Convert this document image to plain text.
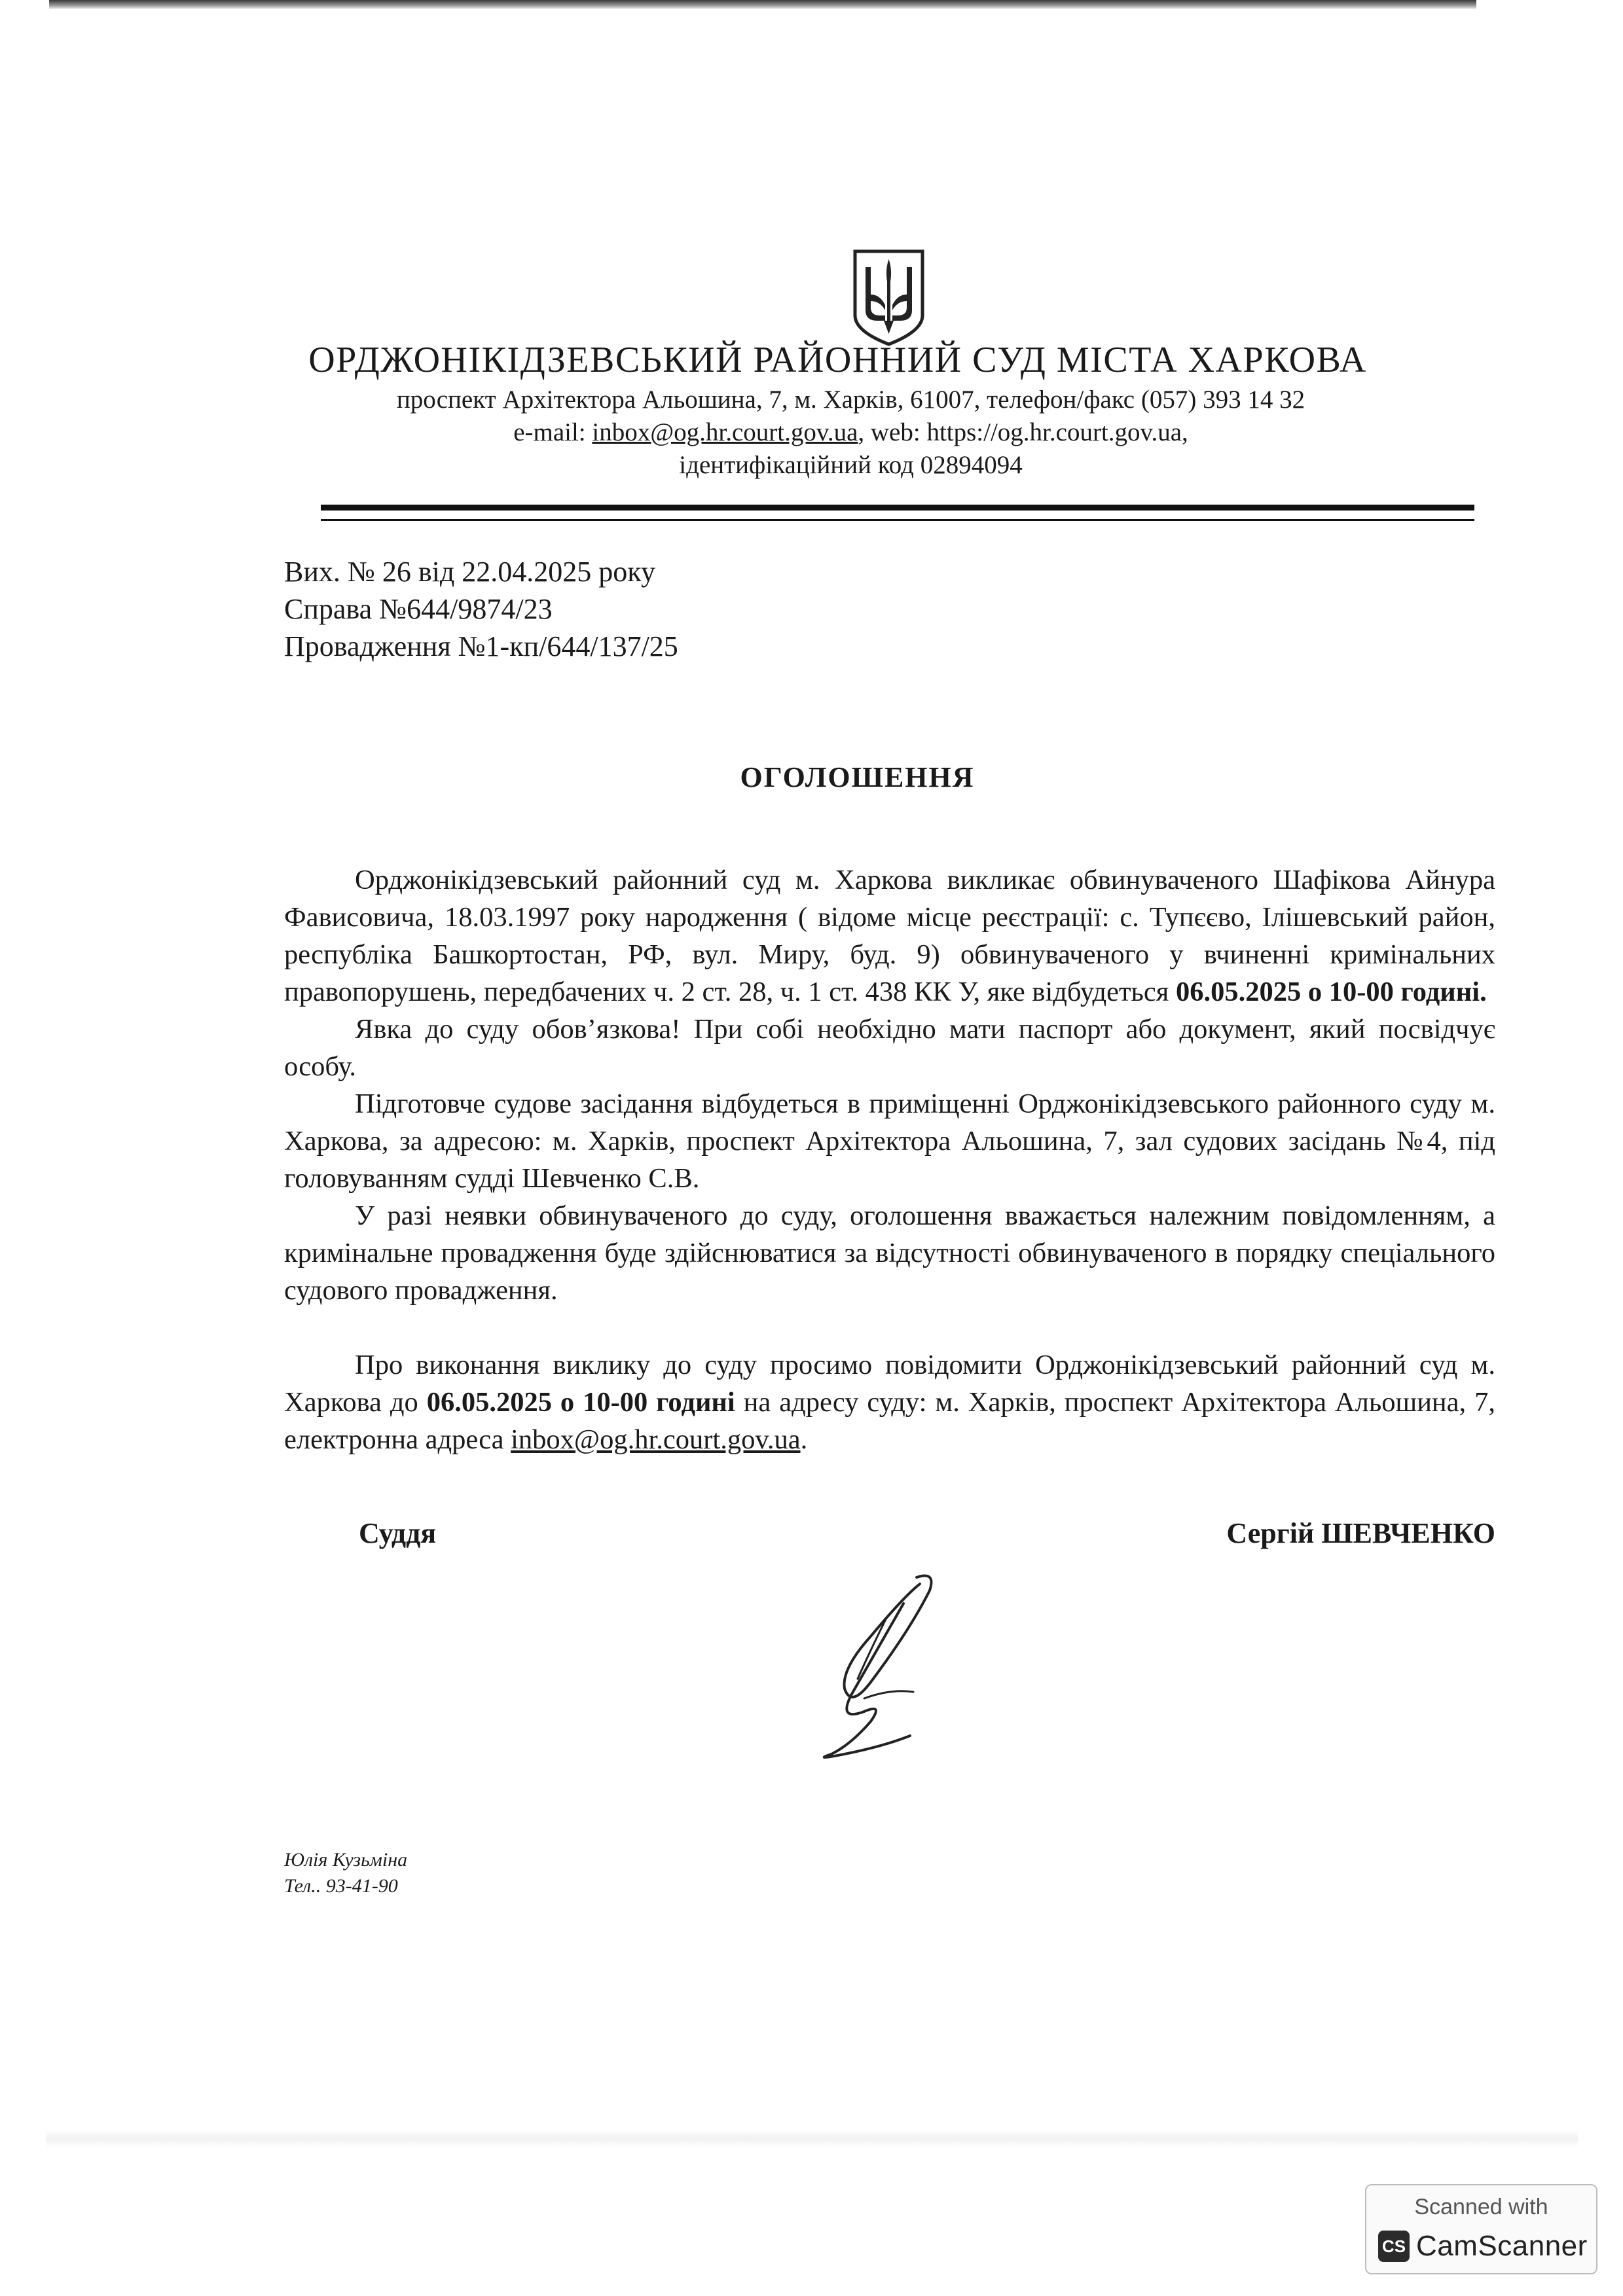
ОРДЖОНІКІДЗЕВСЬКИЙ РАЙОННИЙ СУД МІСТА ХАРКОВА
проспект Архітектора Альошина, 7, м. Харків, 61007, телефон/факс (057) 393 14 32
e-mail: inbox@og.hr.court.gov.ua, web: https://og.hr.court.gov.ua,
ідентифікаційний код 02894094
Вих. № 26 від 22.04.2025 року
Справа №644/9874/23
Провадження №1-кп/644/137/25
ОГОЛОШЕННЯ

Орджонікідзевський районний суд м. Харкова викликає обвинуваченого Шафікова Айнура Фависовича, 18.03.1997 року народження ( відоме місце реєстрації: с. Тупєєво, Ілішевський район, республіка Башкортостан, РФ, вул. Миру, буд. 9) обвинуваченого у вчиненні кримінальних правопорушень, передбачених ч. 2 ст. 28, ч. 1 ст. 438 КК У, яке відбудеться 06.05.2025 о 10-00 годині.

Явка до суду обов’язкова! При собі необхідно мати паспорт або документ, який посвідчує особу.

Підготовче судове засідання відбудеться в приміщенні Орджонікідзевського районного суду м. Харкова, за адресою: м. Харків, проспект Архітектора Альошина, 7, зал судових засідань №4, під головуванням судді Шевченко С.В.

У разі неявки обвинуваченого до суду, оголошення вважається належним повідомленням, а кримінальне провадження буде здійснюватися за відсутності обвинуваченого в порядку спеціального судового провадження.

Про виконання виклику до суду просимо повідомити Орджонікідзевський районний суд м. Харкова до 06.05.2025 о 10-00 годині на адресу суду: м. Харків, проспект Архітектора Альошина, 7, електронна адреса inbox@og.hr.court.gov.ua.

Суддя	Сергій ШЕВЧЕНКО
Юлія Кузьміна
Тел.. 93-41-90
Scanned with
CS CamScanner
